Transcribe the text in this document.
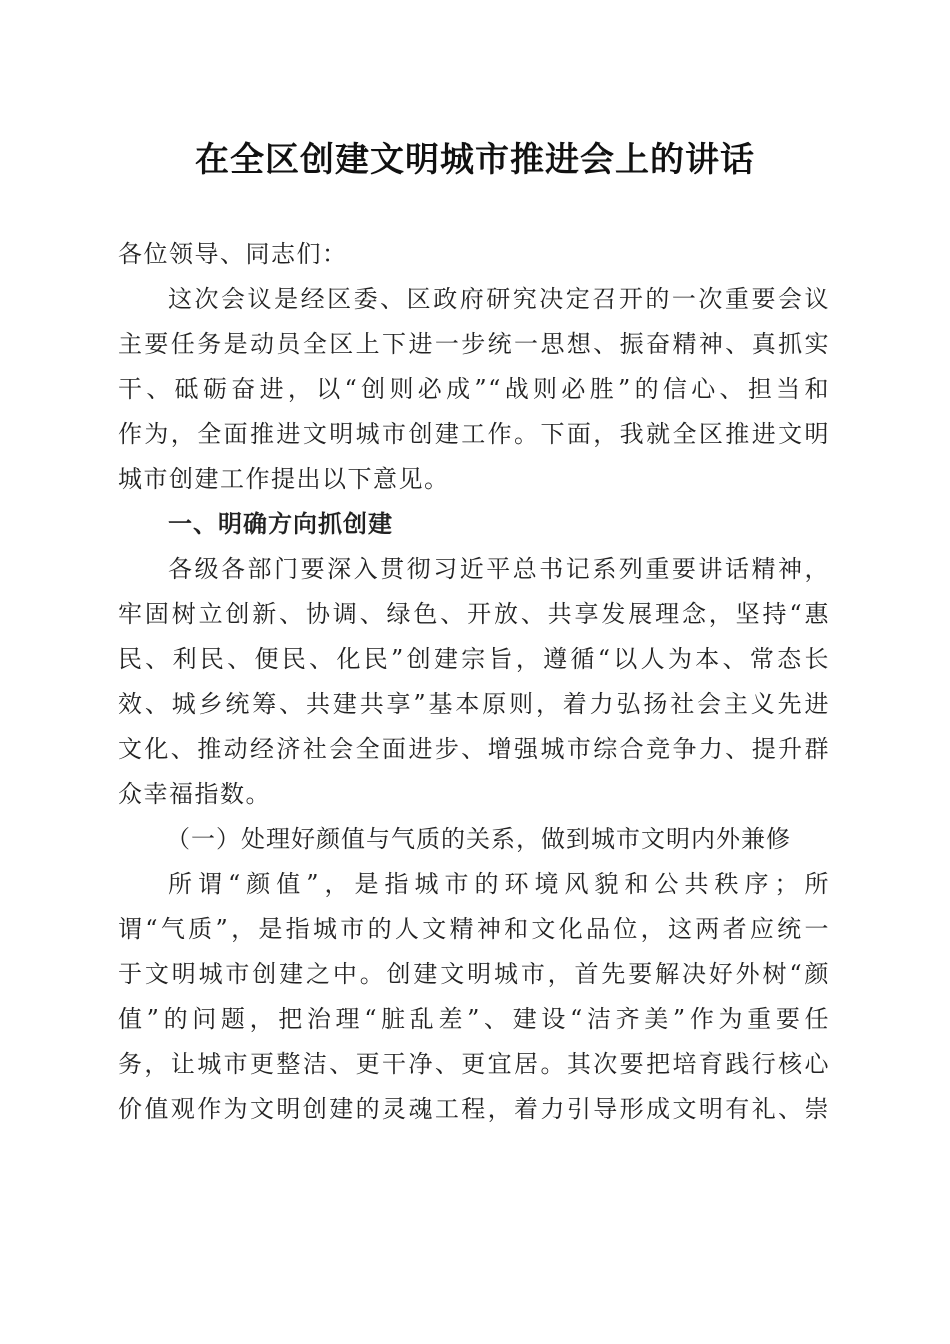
在全区创建文明城市推进会上的讲话
各位领导、同志们：
这次会议是经区委、区政府研究决定召开的一次重要会议
主要任务是动员全区上下进一步统一思想、振奋精神、真抓实
干、砥砺奋进，以“创则必成”“战则必胜”的信心、担当和
作为，全面推进文明城市创建工作。下面，我就全区推进文明
城市创建工作提出以下意见。
一、明确方向抓创建
各级各部门要深入贯彻习近平总书记系列重要讲话精神，
牢固树立创新、协调、绿色、开放、共享发展理念，坚持“惠
民、利民、便民、化民”创建宗旨，遵循“以人为本、常态长
效、城乡统筹、共建共享”基本原则，着力弘扬社会主义先进
文化、推动经济社会全面进步、增强城市综合竞争力、提升群
众幸福指数。
（一）处理好颜值与气质的关系，做到城市文明内外兼修
所谓“颜值”，是指城市的环境风貌和公共秩序；所
谓“气质”，是指城市的人文精神和文化品位，这两者应统一
于文明城市创建之中。创建文明城市，首先要解决好外树“颜
值”的问题，把治理“脏乱差”、建设“洁齐美”作为重要任
务，让城市更整洁、更干净、更宜居。其次要把培育践行核心
价值观作为文明创建的灵魂工程，着力引导形成文明有礼、崇
